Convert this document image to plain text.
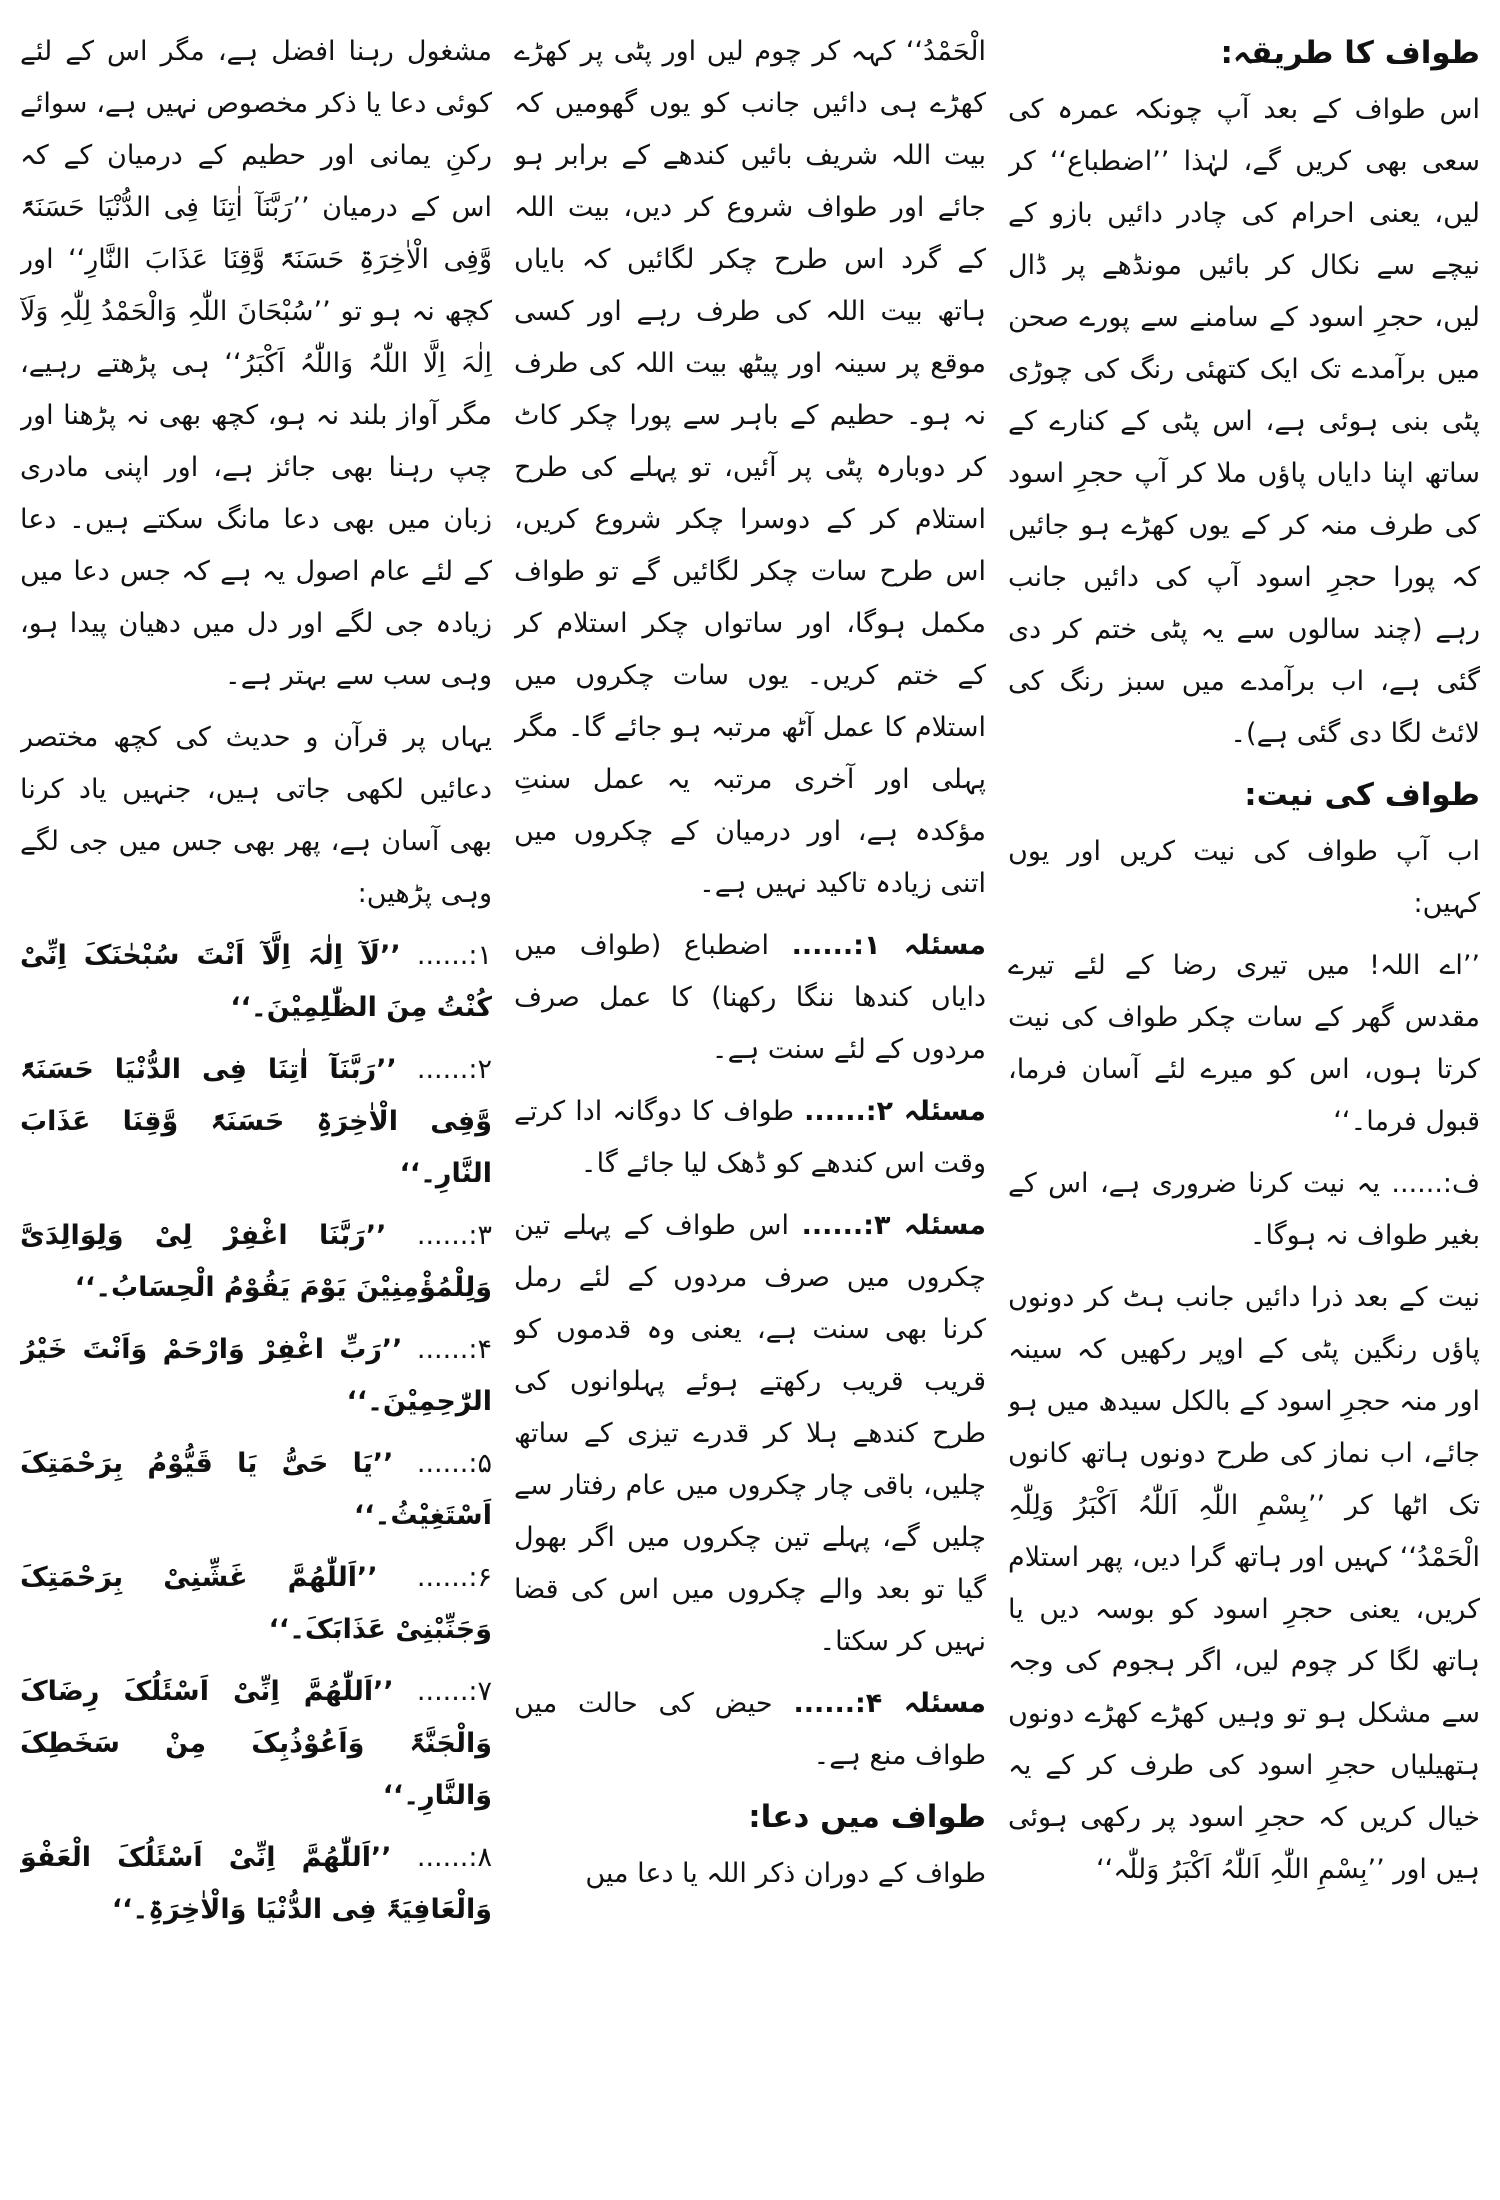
طواف کا طریقہ:

اس طواف کے بعد آپ چونکہ عمرہ کی سعی بھی کریں گے، لہٰذا ’’اضطباع‘‘ کر لیں، یعنی احرام کی چادر دائیں بازو کے نیچے سے نکال کر بائیں مونڈھے پر ڈال لیں، حجرِ اسود کے سامنے سے پورے صحن میں برآمدے تک ایک کتھئی رنگ کی چوڑی پٹی بنی ہوئی ہے، اس پٹی کے کنارے کے ساتھ اپنا دایاں پاؤں ملا کر آپ حجرِ اسود کی طرف منہ کر کے یوں کھڑے ہو جائیں کہ پورا حجرِ اسود آپ کی دائیں جانب رہے (چند سالوں سے یہ پٹی ختم کر دی گئی ہے، اب برآمدے میں سبز رنگ کی لائٹ لگا دی گئی ہے)۔

طواف کی نیت:

اب آپ طواف کی نیت کریں اور یوں کہیں:

’’اے اللہ! میں تیری رضا کے لئے تیرے مقدس گھر کے سات چکر طواف کی نیت کرتا ہوں، اس کو میرے لئے آسان فرما، قبول فرما۔‘‘

ف:...... یہ نیت کرنا ضروری ہے، اس کے بغیر طواف نہ ہوگا۔

نیت کے بعد ذرا دائیں جانب ہٹ کر دونوں پاؤں رنگین پٹی کے اوپر رکھیں کہ سینہ اور منہ حجرِ اسود کے بالکل سیدھ میں ہو جائے، اب نماز کی طرح دونوں ہاتھ کانوں تک اٹھا کر ’’بِسْمِ اللّٰہِ اَللّٰہُ اَکْبَرُ وَلِلّٰہِ الْحَمْدُ‘‘ کہیں اور ہاتھ گرا دیں، پھر استلام کریں، یعنی حجرِ اسود کو بوسہ دیں یا ہاتھ لگا کر چوم لیں، اگر ہجوم کی وجہ سے مشکل ہو تو وہیں کھڑے کھڑے دونوں ہتھیلیاں حجرِ اسود کی طرف کر کے یہ خیال کریں کہ حجرِ اسود پر رکھی ہوئی ہیں اور ’’بِسْمِ اللّٰہِ اَللّٰہُ اَکْبَرُ وَللّٰہ‘‘

الْحَمْدُ‘‘ کہہ کر چوم لیں اور پٹی پر کھڑے کھڑے ہی دائیں جانب کو یوں گھومیں کہ بیت اللہ شریف بائیں کندھے کے برابر ہو جائے اور طواف شروع کر دیں، بیت اللہ کے گرد اس طرح چکر لگائیں کہ بایاں ہاتھ بیت اللہ کی طرف رہے اور کسی موقع پر سینہ اور پیٹھ بیت اللہ کی طرف نہ ہو۔ حطیم کے باہر سے پورا چکر کاٹ کر دوبارہ پٹی پر آئیں، تو پہلے کی طرح استلام کر کے دوسرا چکر شروع کریں، اس طرح سات چکر لگائیں گے تو طواف مکمل ہوگا، اور ساتواں چکر استلام کر کے ختم کریں۔ یوں سات چکروں میں استلام کا عمل آٹھ مرتبہ ہو جائے گا۔ مگر پہلی اور آخری مرتبہ یہ عمل سنتِ مؤکدہ ہے، اور درمیان کے چکروں میں اتنی زیادہ تاکید نہیں ہے۔

مسئلہ ۱:...... اضطباع (طواف میں دایاں کندھا ننگا رکھنا) کا عمل صرف مردوں کے لئے سنت ہے۔

مسئلہ ۲:...... طواف کا دوگانہ ادا کرتے وقت اس کندھے کو ڈھک لیا جائے گا۔

مسئلہ ۳:...... اس طواف کے پہلے تین چکروں میں صرف مردوں کے لئے رمل کرنا بھی سنت ہے، یعنی وہ قدموں کو قریب قریب رکھتے ہوئے پہلوانوں کی طرح کندھے ہلا کر قدرے تیزی کے ساتھ چلیں، باقی چار چکروں میں عام رفتار سے چلیں گے، پہلے تین چکروں میں اگر بھول گیا تو بعد والے چکروں میں اس کی قضا نہیں کر سکتا۔

مسئلہ ۴:...... حیض کی حالت میں طواف منع ہے۔

طواف میں دعا:

طواف کے دوران ذکر اللہ یا دعا میں

مشغول رہنا افضل ہے، مگر اس کے لئے کوئی دعا یا ذکر مخصوص نہیں ہے، سوائے رکنِ یمانی اور حطیم کے درمیان کے کہ اس کے درمیان ’’رَبَّنَآ اٰتِنَا فِی الدُّنْیَا حَسَنَۃً وَّفِی الْاٰخِرَۃِ حَسَنَۃً وَّقِنَا عَذَابَ النَّارِ‘‘ اور کچھ نہ ہو تو ’’سُبْحَانَ اللّٰہِ وَالْحَمْدُ لِلّٰہِ وَلَآ اِلٰہَ اِلَّا اللّٰہُ وَاللّٰہُ اَکْبَرُ‘‘ ہی پڑھتے رہیے، مگر آواز بلند نہ ہو، کچھ بھی نہ پڑھنا اور چپ رہنا بھی جائز ہے، اور اپنی مادری زبان میں بھی دعا مانگ سکتے ہیں۔ دعا کے لئے عام اصول یہ ہے کہ جس دعا میں زیادہ جی لگے اور دل میں دھیان پیدا ہو، وہی سب سے بہتر ہے۔

یہاں پر قرآن و حدیث کی کچھ مختصر دعائیں لکھی جاتی ہیں، جنہیں یاد کرنا بھی آسان ہے، پھر بھی جس میں جی لگے وہی پڑھیں:

۱:...... ’’لَآ اِلٰہَ اِلَّآ اَنْتَ سُبْحٰنَکَ اِنِّیْ کُنْتُ مِنَ الظّٰلِمِیْنَ۔‘‘

۲:...... ’’رَبَّنَآ اٰتِنَا فِی الدُّنْیَا حَسَنَۃً وَّفِی الْاٰخِرَۃِ حَسَنَۃً وَّقِنَا عَذَابَ النَّارِ۔‘‘

۳:...... ’’رَبَّنَا اغْفِرْ لِیْ وَلِوَالِدَیَّ وَلِلْمُؤْمِنِیْنَ یَوْمَ یَقُوْمُ الْحِسَابُ۔‘‘

۴:...... ’’رَبِّ اغْفِرْ وَارْحَمْ وَاَنْتَ خَیْرُ الرّٰحِمِیْنَ۔‘‘

۵:...... ’’یَا حَیُّ یَا قَیُّوْمُ بِرَحْمَتِکَ اَسْتَغِیْثُ۔‘‘

۶:...... ’’اَللّٰھُمَّ غَشِّنِیْ بِرَحْمَتِکَ وَجَنِّبْنِیْ عَذَابَکَ۔‘‘

۷:...... ’’اَللّٰھُمَّ اِنِّیْ اَسْئَلُکَ رِضَاکَ وَالْجَنَّۃَ وَاَعُوْذُبِکَ مِنْ سَخَطِکَ وَالنَّارِ۔‘‘

۸:...... ’’اَللّٰھُمَّ اِنِّیْ اَسْئَلُکَ الْعَفْوَ وَالْعَافِیَۃَ فِی الدُّنْیَا وَالْاٰخِرَۃِ۔‘‘
